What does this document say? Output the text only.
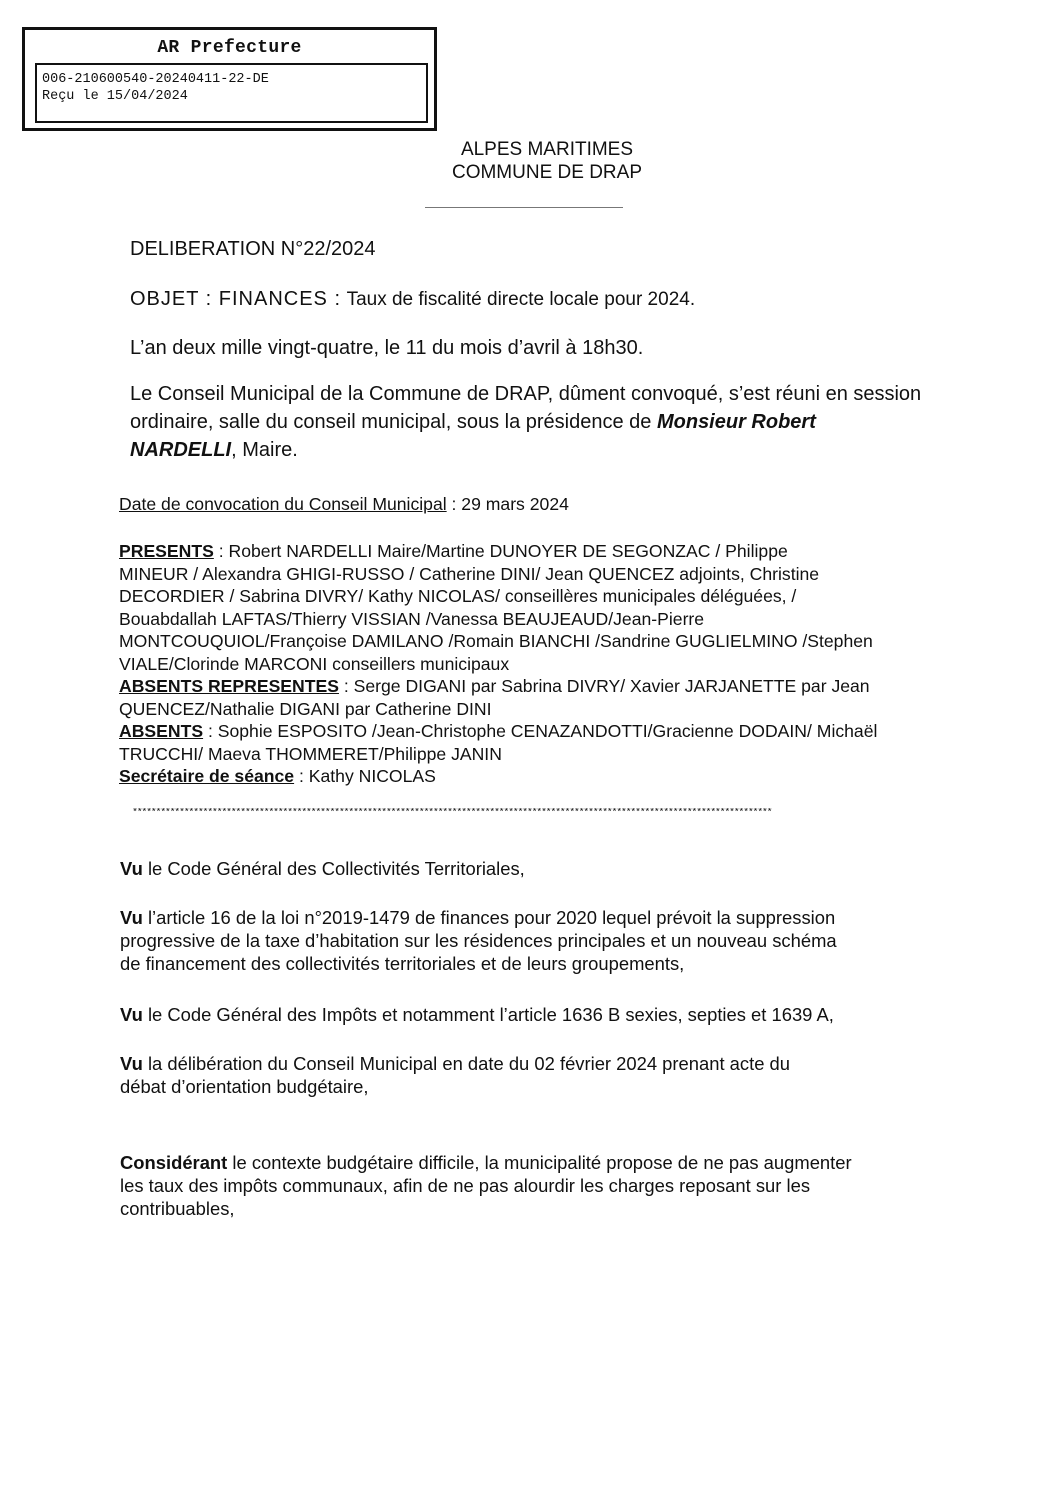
AR Prefecture
006-210600540-20240411-22-DE
Reçu le 15/04/2024
ALPES MARITIMES
COMMUNE DE DRAP
DELIBERATION N°22/2024
OBJET : FINANCES : Taux de fiscalité directe locale pour 2024.
L’an deux mille vingt-quatre, le 11 du mois d’avril à 18h30.
Le Conseil Municipal de la Commune de DRAP, dûment convoqué, s’est réuni en session
ordinaire, salle du conseil municipal, sous la présidence de Monsieur Robert
NARDELLI, Maire.
Date de convocation du Conseil Municipal : 29 mars 2024
PRESENTS : Robert NARDELLI Maire/Martine DUNOYER DE SEGONZAC / Philippe
MINEUR / Alexandra GHIGI-RUSSO / Catherine DINI/ Jean QUENCEZ adjoints, Christine
DECORDIER / Sabrina DIVRY/ Kathy NICOLAS/ conseillères municipales déléguées, /
Bouabdallah LAFTAS/Thierry VISSIAN /Vanessa BEAUJEAUD/Jean-Pierre
MONTCOUQUIOL/Françoise DAMILANO /Romain BIANCHI /Sandrine GUGLIELMINO /Stephen
VIALE/Clorinde MARCONI conseillers municipaux
ABSENTS REPRESENTES : Serge DIGANI par Sabrina DIVRY/ Xavier JARJANETTE par Jean
QUENCEZ/Nathalie DIGANI par Catherine DINI
ABSENTS : Sophie ESPOSITO /Jean-Christophe CENAZANDOTTI/Gracienne DODAIN/ Michaël
TRUCCHI/ Maeva THOMMERET/Philippe JANIN
Secrétaire de séance : Kathy NICOLAS
****************************************************************************************************************************************
Vu le Code Général des Collectivités Territoriales,
Vu l’article 16 de la loi n°2019-1479 de finances pour 2020 lequel prévoit la suppression
progressive de la taxe d’habitation sur les résidences principales et un nouveau schéma
de financement des collectivités territoriales et de leurs groupements,
Vu le Code Général des Impôts et notamment l’article 1636 B sexies, septies et 1639 A,
Vu la délibération du Conseil Municipal en date du 02 février 2024 prenant acte du
débat d’orientation budgétaire,
Considérant le contexte budgétaire difficile, la municipalité propose de ne pas augmenter
les taux des impôts communaux, afin de ne pas alourdir les charges reposant sur les
contribuables,
